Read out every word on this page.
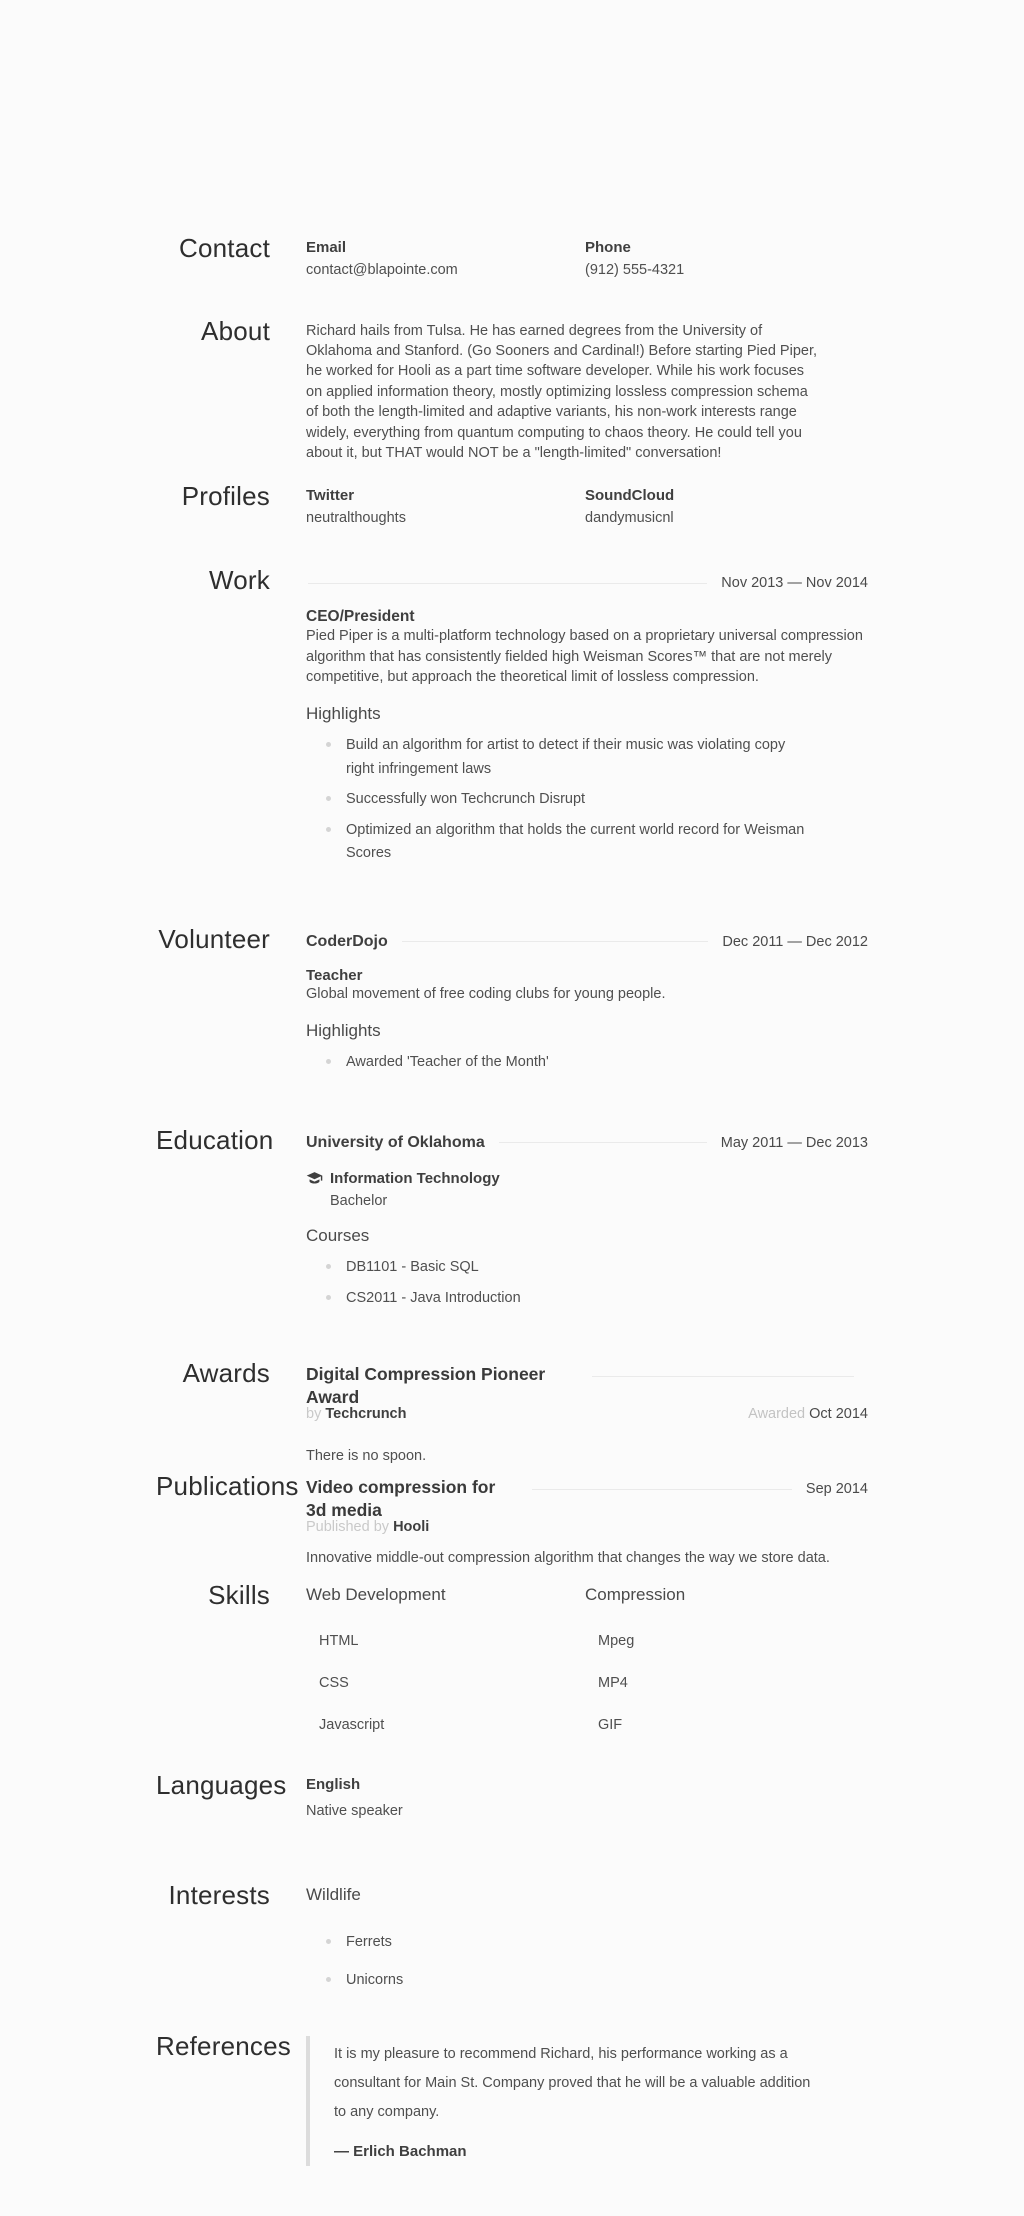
Contact Email
contact@blapointe.com
Phone
(912) 555-4321
About Richard hails from Tulsa. He has earned degrees from the University of Oklahoma and Stanford. (Go Sooners and Cardinal!) Before starting Pied Piper, he worked for Hooli as a part time software developer. While his work focuses on applied information theory, mostly optimizing lossless compression schema of both the length-limited and adaptive variants, his non-work interests range widely, everything from quantum computing to chaos theory. He could tell you about it, but THAT would NOT be a "length-limited" conversation!

Profiles Twitter
neutralthoughts
SoundCloud
dandymusicnl
Work	Nov 2013 — Nov 2014
CEO/President

Pied Piper is a multi-platform technology based on a proprietary universal compression algorithm that has consistently fielded high Weisman Scores™ that are not merely competitive, but approach the theoretical limit of lossless compression.

Highlights
Build an algorithm for artist to detect if their music was violating copy right infringement laws
Successfully won Techcrunch Disrupt
Optimized an algorithm that holds the current world record for Weisman Scores
Volunteer CoderDojo	Dec 2011 — Dec 2012
Teacher

Global movement of free coding clubs for young people.

Highlights
Awarded 'Teacher of the Month'
Education University of Oklahoma	May 2011 — Dec 2013
Information Technology
Bachelor
Courses
DB1101 - Basic SQL
CS2011 - Java Introduction
Awards Digital Compression Pioneer Award
by Techcrunch	Awarded Oct 2014

There is no spoon.

Publications Video compression for 3d media
Sep 2014
Published by Hooli

Innovative middle-out compression algorithm that changes the way we store data.

Skills Web Development
HTML
CSS
Javascript
Compression
Mpeg
MP4
GIF
Languages English
Native speaker
Interests Wildlife
Ferrets
Unicorns
References	It is my pleasure to recommend Richard, his performance working as a consultant for Main St. Company proved that he will be a valuable addition to any company.

— Erlich Bachman
